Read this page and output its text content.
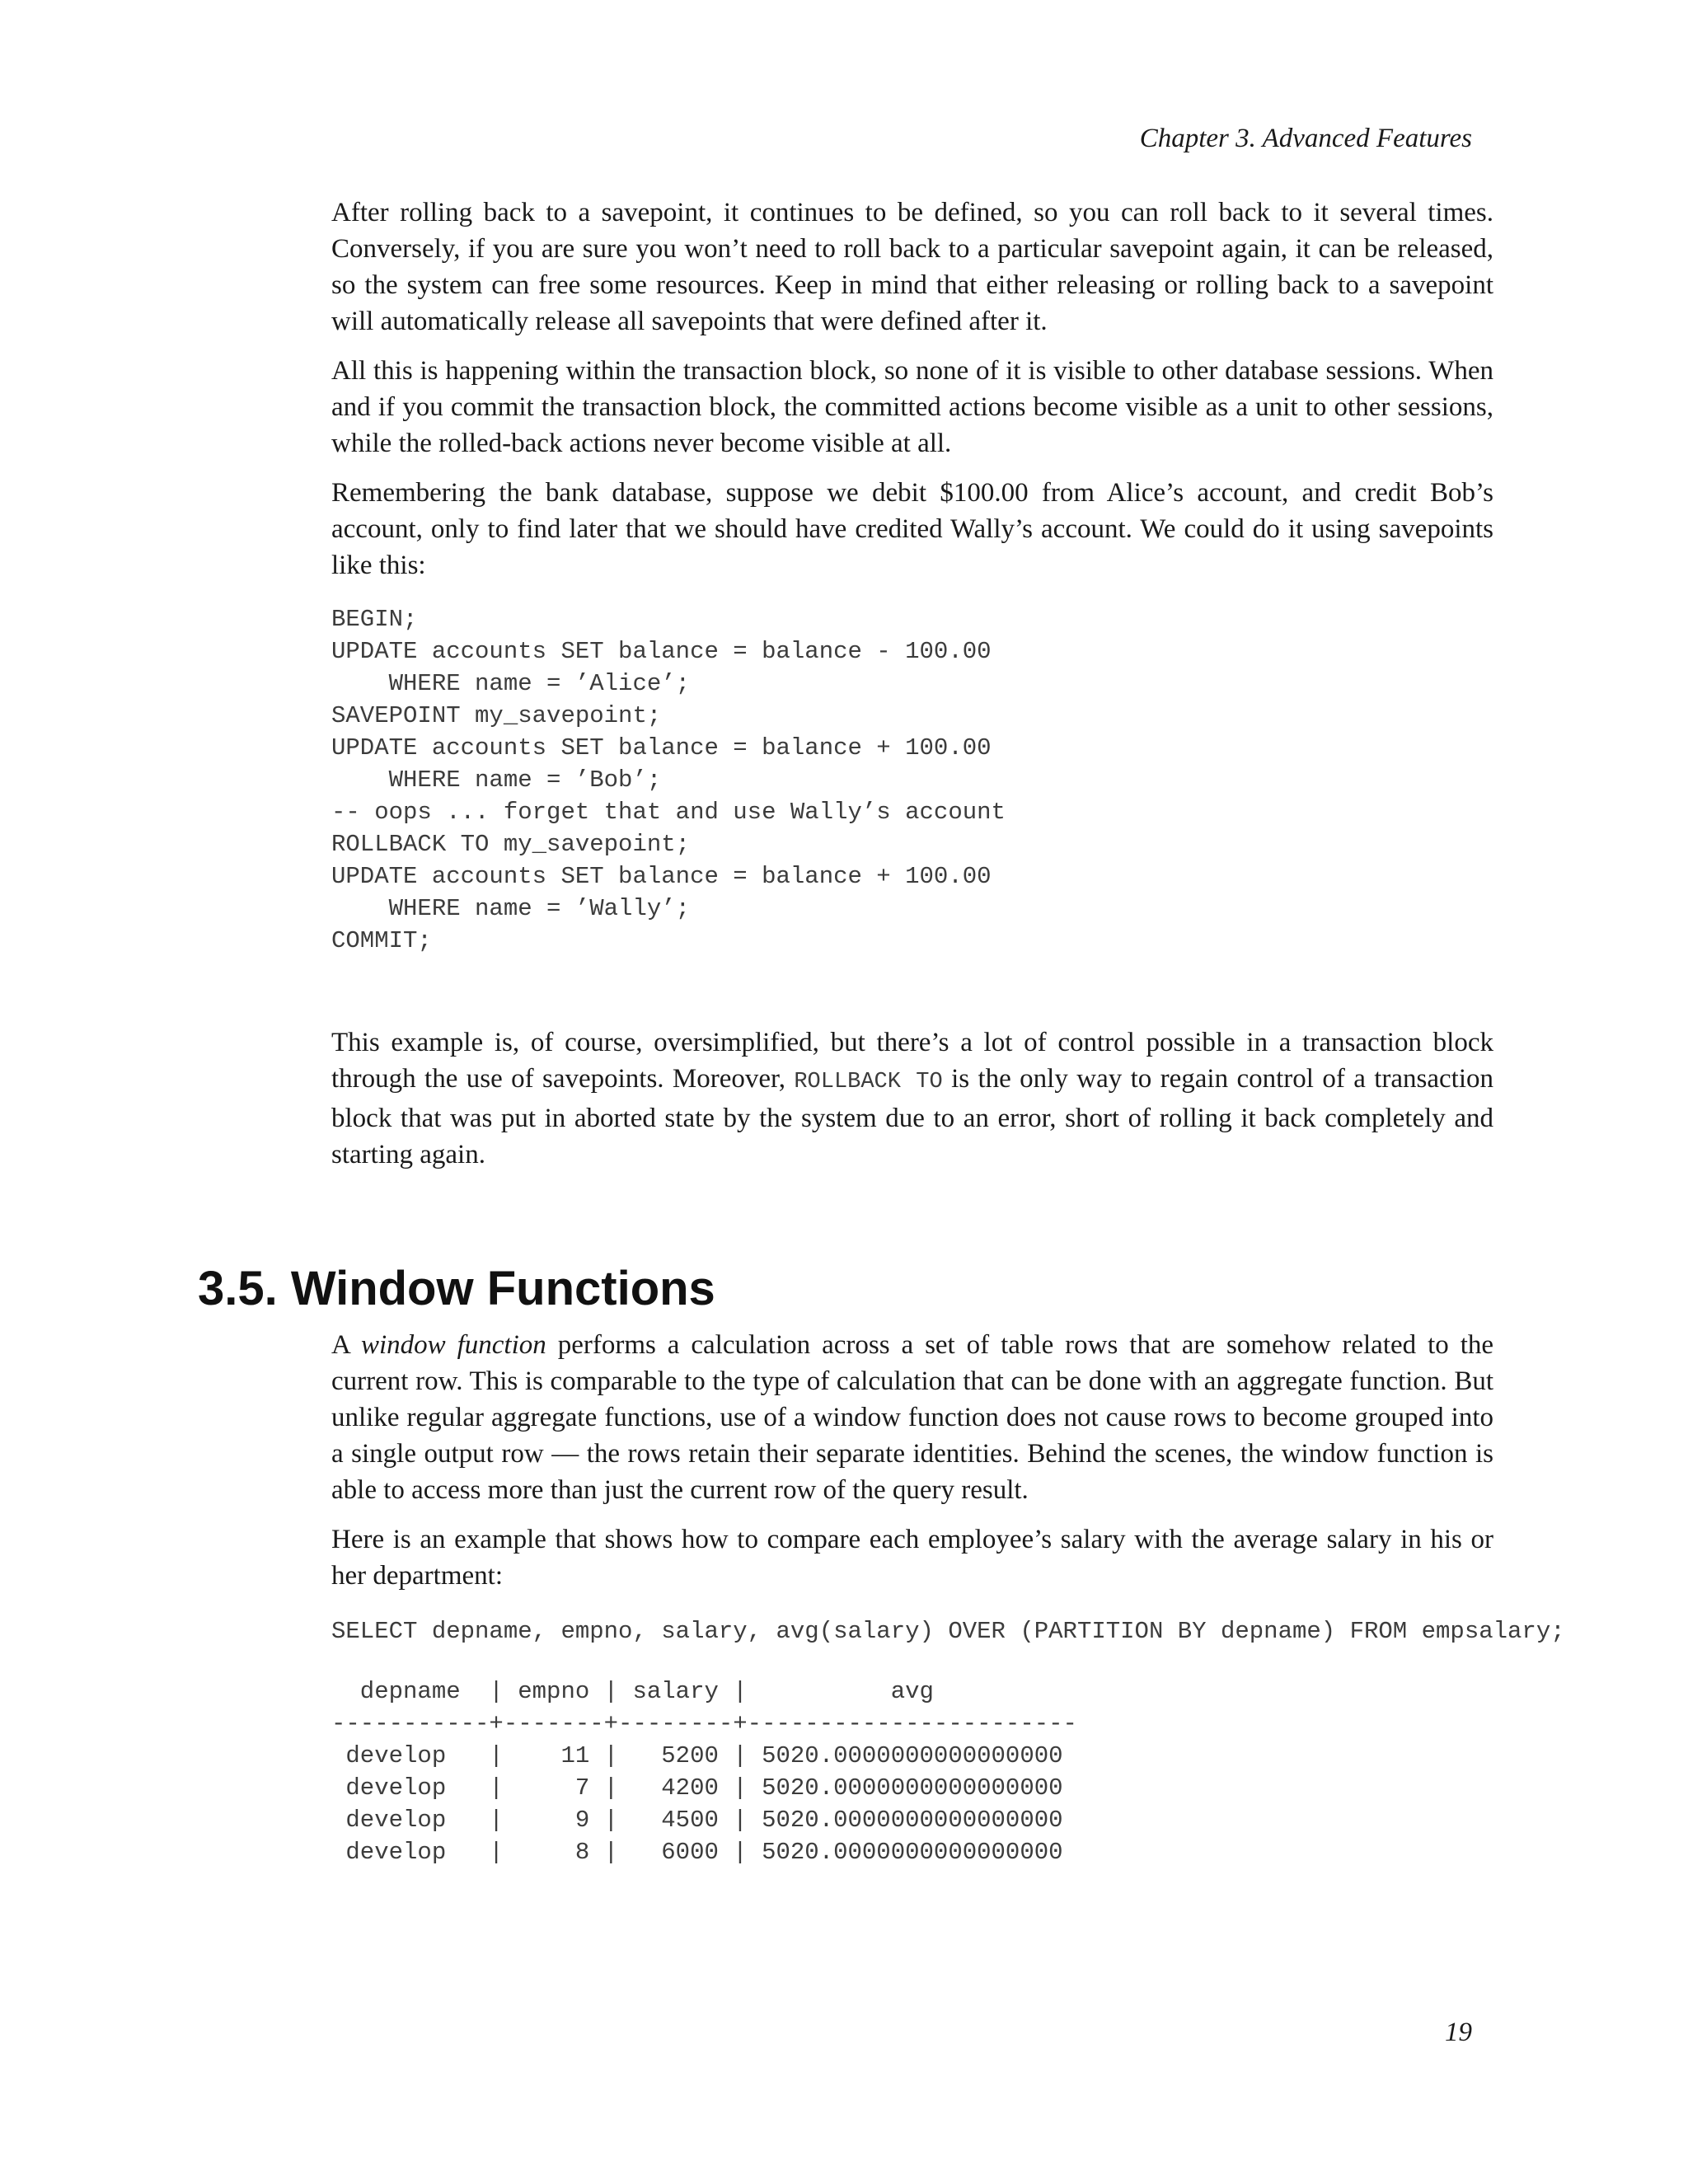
Chapter 3. Advanced Features

After rolling back to a savepoint, it continues to be defined, so you can roll back to it several times. Conversely, if you are sure you won’t need to roll back to a particular savepoint again, it can be released, so the system can free some resources. Keep in mind that either releasing or rolling back to a savepoint will automatically release all savepoints that were defined after it.

All this is happening within the transaction block, so none of it is visible to other database sessions. When and if you commit the transaction block, the committed actions become visible as a unit to other sessions, while the rolled-back actions never become visible at all.

Remembering the bank database, suppose we debit $100.00 from Alice’s account, and credit Bob’s account, only to find later that we should have credited Wally’s account. We could do it using savepoints like this:

BEGIN;
UPDATE accounts SET balance = balance - 100.00
WHERE name = ’Alice’;
SAVEPOINT my_savepoint;
UPDATE accounts SET balance = balance + 100.00
WHERE name = ’Bob’;
-- oops ... forget that and use Wally’s account
ROLLBACK TO my_savepoint;
UPDATE accounts SET balance = balance + 100.00
WHERE name = ’Wally’;
COMMIT;

This example is, of course, oversimplified, but there’s a lot of control possible in a transaction block through the use of savepoints. Moreover, ROLLBACK TO is the only way to regain control of a transaction block that was put in aborted state by the system due to an error, short of rolling it back completely and starting again.

3.5. Window Functions

A window function performs a calculation across a set of table rows that are somehow related to the current row. This is comparable to the type of calculation that can be done with an aggregate function. But unlike regular aggregate functions, use of a window function does not cause rows to become grouped into a single output row — the rows retain their separate identities. Behind the scenes, the window function is able to access more than just the current row of the query result.

Here is an example that shows how to compare each employee’s salary with the average salary in his or her department:

SELECT depname, empno, salary, avg(salary) OVER (PARTITION BY depname) FROM empsalary;
depname  | empno | salary |          avg
-----------+-------+--------+-----------------------
develop   |    11 |   5200 | 5020.0000000000000000
develop   |     7 |   4200 | 5020.0000000000000000
develop   |     9 |   4500 | 5020.0000000000000000
develop   |     8 |   6000 | 5020.0000000000000000
19
